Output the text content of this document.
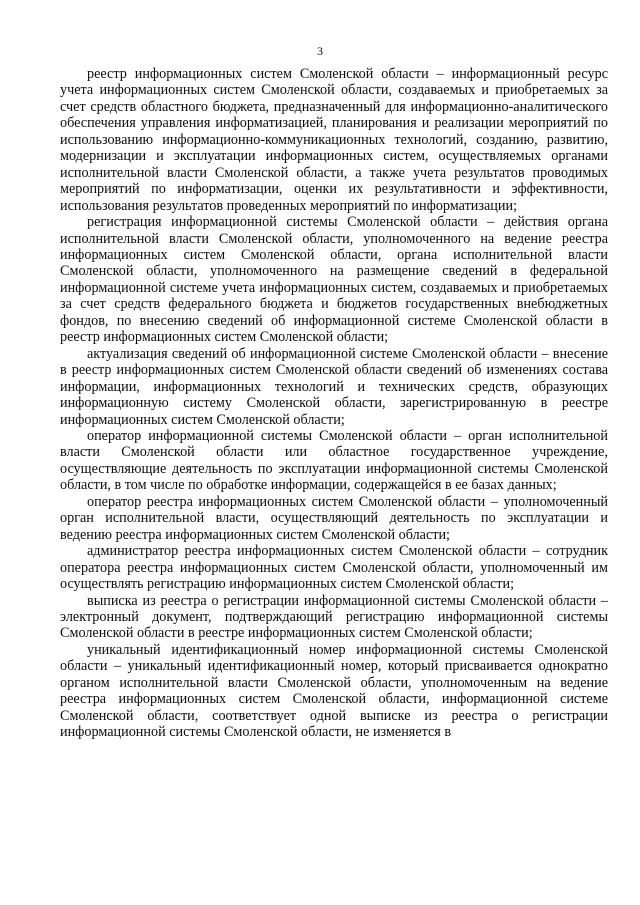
3

реестр информационных систем Смоленской области – информационный ресурс учета информационных систем Смоленской области, создаваемых и приобретаемых за счет средств областного бюджета, предназначенный для информационно-аналитического обеспечения управления информатизацией, планирования и реализации мероприятий по использованию информационно-коммуникационных технологий, созданию, развитию, модернизации и эксплуатации информационных систем, осуществляемых органами исполнительной власти Смоленской области, а также учета результатов проводимых мероприятий по информатизации, оценки их результативности и эффективности, использования результатов проведенных мероприятий по информатизации;

регистрация информационной системы Смоленской области – действия органа исполнительной власти Смоленской области, уполномоченного на ведение реестра информационных систем Смоленской области, органа исполнительной власти Смоленской области, уполномоченного на размещение сведений в федеральной информационной системе учета информационных систем, создаваемых и приобретаемых за счет средств федерального бюджета и бюджетов государственных внебюджетных фондов, по внесению сведений об информационной системе Смоленской области в реестр информационных систем Смоленской области;

актуализация сведений об информационной системе Смоленской области – внесение в реестр информационных систем Смоленской области сведений об изменениях состава информации, информационных технологий и технических средств, образующих информационную систему Смоленской области, зарегистрированную в реестре информационных систем Смоленской области;

оператор информационной системы Смоленской области – орган исполнительной власти Смоленской области или областное государственное учреждение, осуществляющие деятельность по эксплуатации информационной системы Смоленской области, в том числе по обработке информации, содержащейся в ее базах данных;

оператор реестра информационных систем Смоленской области – уполномоченный орган исполнительной власти, осуществляющий деятельность по эксплуатации и ведению реестра информационных систем Смоленской области;

администратор реестра информационных систем Смоленской области – сотрудник оператора реестра информационных систем Смоленской области, уполномоченный им осуществлять регистрацию информационных систем Смоленской области;

выписка из реестра о регистрации информационной системы Смоленской области – электронный документ, подтверждающий регистрацию информационной системы Смоленской области в реестре информационных систем Смоленской области;

уникальный идентификационный номер информационной системы Смоленской области – уникальный идентификационный номер, который присваивается однократно органом исполнительной власти Смоленской области, уполномоченным на ведение реестра информационных систем Смоленской области, информационной системе Смоленской области, соответствует одной выписке из реестра о регистрации информационной системы Смоленской области, не изменяется в
